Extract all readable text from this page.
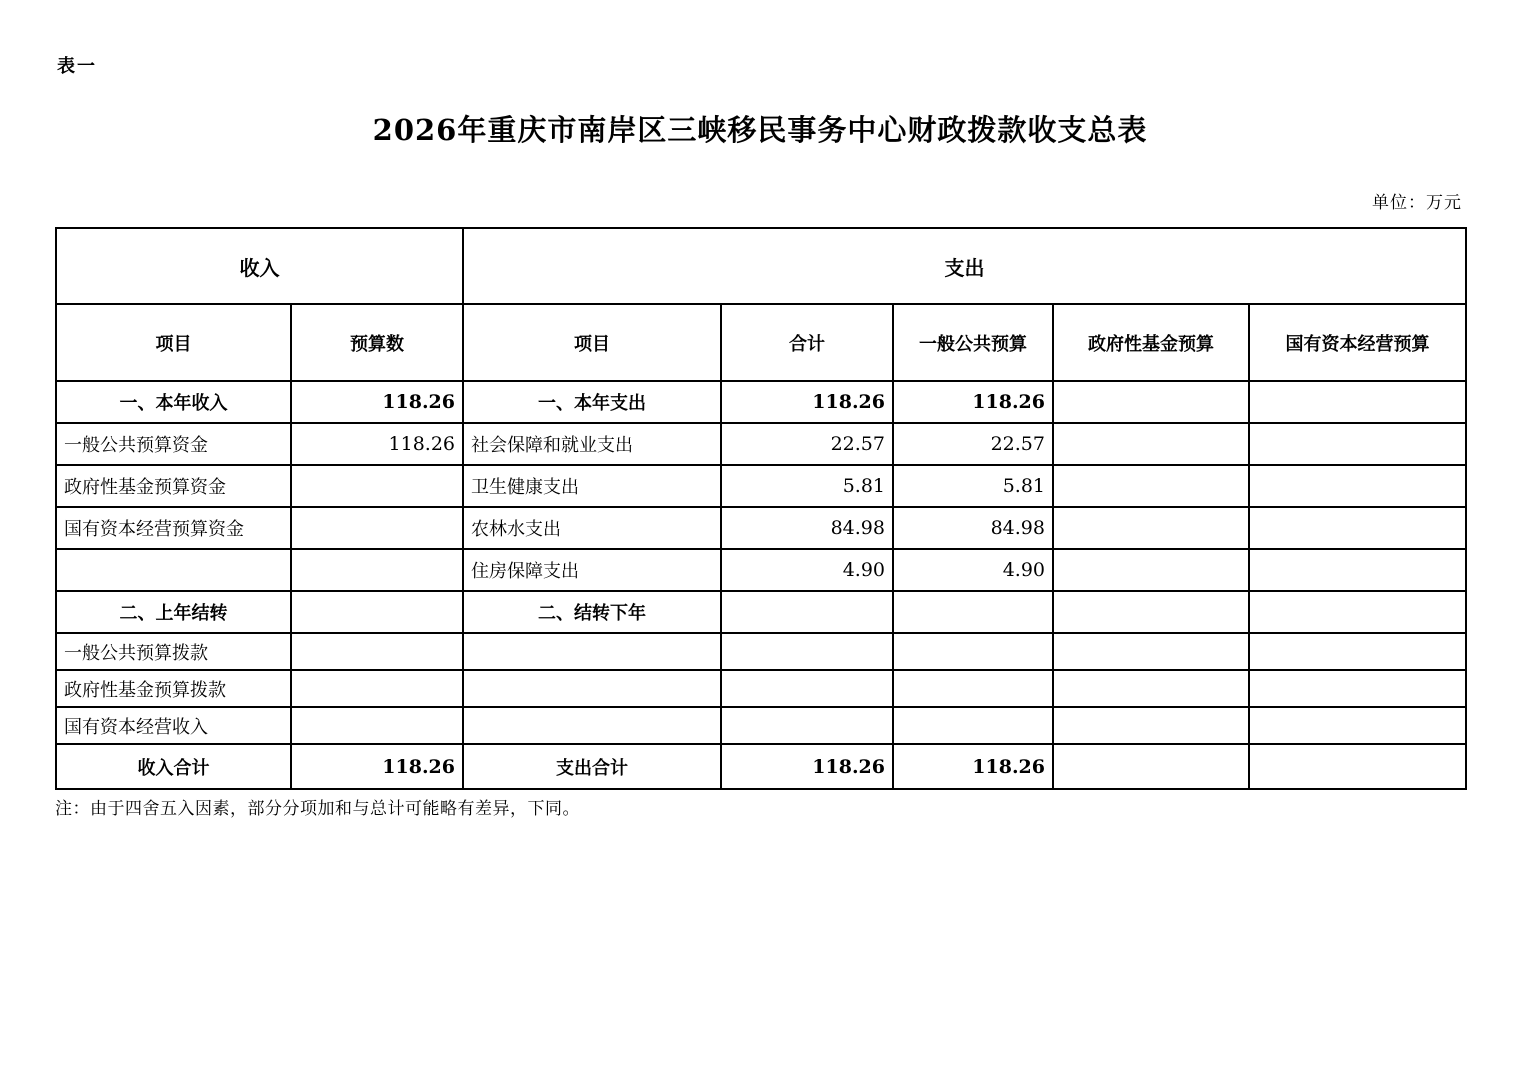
表一
2026年重庆市南岸区三峡移民事务中心财政拨款收支总表
单位：万元
收入		支出				
项目	预算数	项目	合计	一般公共预算	政府性基金预算	国有资本经营预算
一、本年收入	118.26	一、本年支出	118.26	118.26		
一般公共预算资金	118.26	社会保障和就业支出	22.57	22.57		
政府性基金预算资金		卫生健康支出	5.81	5.81		
国有资本经营预算资金		农林水支出	84.98	84.98		
		住房保障支出	4.90	4.90		
二、上年结转		二、结转下年				
一般公共预算拨款						
政府性基金预算拨款						
国有资本经营收入						
收入合计	118.26	支出合计	118.26	118.26		
注：由于四舍五入因素，部分分项加和与总计可能略有差异，下同。
